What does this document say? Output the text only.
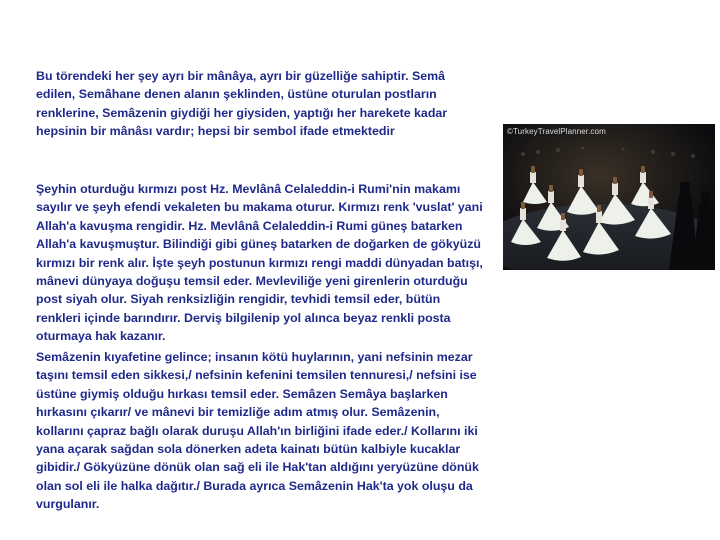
Bu törendeki her şey ayrı bir mânâya, ayrı bir güzelliğe sahiptir. Semâ
edilen, Semâhane denen alanın şeklinden, üstüne oturulan postların
renklerine, Semâzenin giydiği her giysiden, yaptığı her harekete kadar
hepsinin bir mânâsı vardır; hepsi bir sembol ifade etmektedir

Şeyhin oturduğu kırmızı post Hz. Mevlânâ Celaleddin-i Rumi'nin makamı
sayılır ve şeyh efendi vekaleten bu makama oturur. Kırmızı renk 'vuslat' yani
Allah'a kavuşma rengidir. Hz. Mevlânâ Celaleddin-i Rumi güneş batarken
Allah'a kavuşmuştur. Bilindiği gibi güneş batarken de doğarken de gökyüzü
kırmızı bir renk alır. İşte şeyh postunun kırmızı rengi maddi dünyadan batışı,
mânevi dünyaya doğuşu temsil eder. Mevleviliğe yeni girenlerin oturduğu
post siyah olur. Siyah renksizliğin rengidir, tevhidi temsil eder, bütün
renkleri içinde barındırır. Derviş bilgilenip yol alınca beyaz renkli posta
oturmaya hak kazanır.

Semâzenin kıyafetine gelince; insanın kötü huylarının, yani nefsinin mezar
taşını temsil eden sikkesi,/ nefsinin kefenini temsilen tennuresi,/ nefsini ise
üstüne giymiş olduğu hırkası temsil eder. Semâzen Semâya başlarken
hırkasını çıkarır/ ve mânevi bir temizliğe adım atmış olur. Semâzenin,
kollarını çapraz bağlı olarak duruşu Allah'ın birliğini ifade eder./ Kollarını iki
yana açarak sağdan sola dönerken adeta kainatı bütün kalbiyle kucaklar
gibidir./ Gökyüzüne dönük olan sağ eli ile Hak'tan aldığını yeryüzüne dönük
olan sol eli ile halka dağıtır./ Burada ayrıca Semâzenin Hak'ta yok oluşu da
vurgulanır.

©TurkeyTravelPlanner.com
